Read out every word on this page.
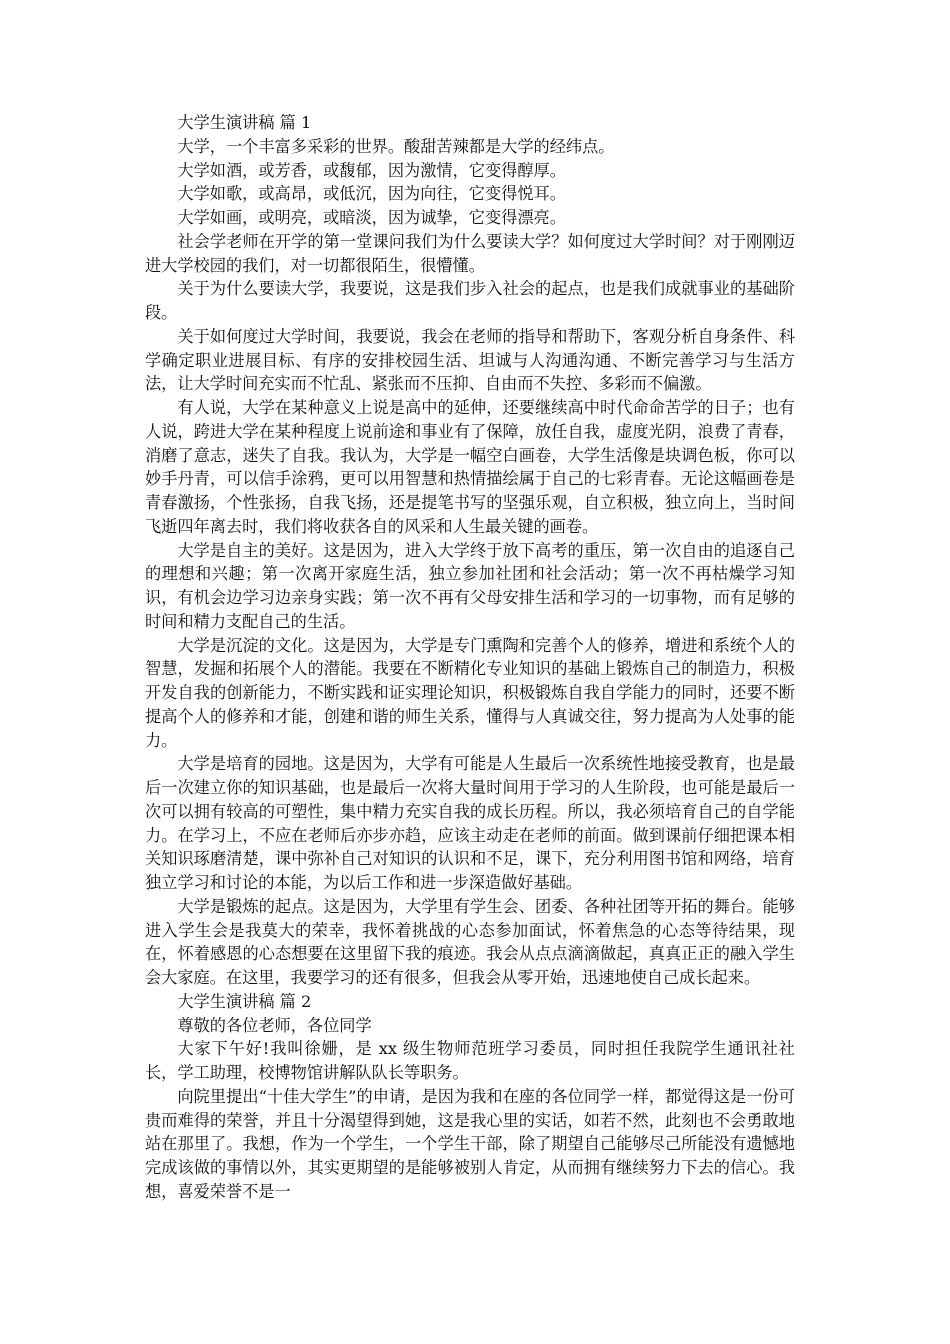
大学生演讲稿 篇 1

大学，一个丰富多采彩的世界。酸甜苦辣都是大学的经纬点。

大学如酒，或芳香，或馥郁，因为激情，它变得醇厚。

大学如歌，或高昂，或低沉，因为向往，它变得悦耳。

大学如画，或明亮，或暗淡，因为诚挚，它变得漂亮。

社会学老师在开学的第一堂课问我们为什么要读大学？如何度过大学时间？对于刚刚迈进大学校园的我们，对一切都很陌生，很懵懂。

关于为什么要读大学，我要说，这是我们步入社会的起点，也是我们成就事业的基础阶段。

关于如何度过大学时间，我要说，我会在老师的指导和帮助下，客观分析自身条件、科学确定职业进展目标、有序的安排校园生活、坦诚与人沟通沟通、不断完善学习与生活方法，让大学时间充实而不忙乱、紧张而不压抑、自由而不失控、多彩而不偏激。

有人说，大学在某种意义上说是高中的延伸，还要继续高中时代命命苦学的日子；也有人说，跨进大学在某种程度上说前途和事业有了保障，放任自我，虚度光阴，浪费了青春，消磨了意志，迷失了自我。我认为，大学是一幅空白画卷，大学生活像是块调色板，你可以妙手丹青，可以信手涂鸦，更可以用智慧和热情描绘属于自己的七彩青春。无论这幅画卷是青春激扬，个性张扬，自我飞扬，还是提笔书写的坚强乐观，自立积极，独立向上，当时间飞逝四年离去时，我们将收获各自的风采和人生最关键的画卷。

大学是自主的美好。这是因为，进入大学终于放下高考的重压，第一次自由的追逐自己的理想和兴趣；第一次离开家庭生活，独立参加社团和社会活动；第一次不再枯燥学习知识，有机会边学习边亲身实践；第一次不再有父母安排生活和学习的一切事物，而有足够的时间和精力支配自己的生活。

大学是沉淀的文化。这是因为，大学是专门熏陶和完善个人的修养，增进和系统个人的智慧，发掘和拓展个人的潜能。我要在不断精化专业知识的基础上锻炼自己的制造力，积极开发自我的创新能力，不断实践和证实理论知识，积极锻炼自我自学能力的同时，还要不断提高个人的修养和才能，创建和谐的师生关系，懂得与人真诚交往，努力提高为人处事的能力。

大学是培育的园地。这是因为，大学有可能是人生最后一次系统性地接受教育，也是最后一次建立你的知识基础，也是最后一次将大量时间用于学习的人生阶段，也可能是最后一次可以拥有较高的可塑性，集中精力充实自我的成长历程。所以，我必须培育自己的自学能力。在学习上，不应在老师后亦步亦趋，应该主动走在老师的前面。做到课前仔细把课本相关知识琢磨清楚，课中弥补自己对知识的认识和不足，课下，充分利用图书馆和网络，培育独立学习和讨论的本能，为以后工作和进一步深造做好基础。

大学是锻炼的起点。这是因为，大学里有学生会、团委、各种社团等开拓的舞台。能够进入学生会是我莫大的荣幸，我怀着挑战的心态参加面试，怀着焦急的心态等待结果，现在，怀着感恩的心态想要在这里留下我的痕迹。我会从点点滴滴做起，真真正正的融入学生会大家庭。在这里，我要学习的还有很多，但我会从零开始，迅速地使自己成长起来。

大学生演讲稿 篇 2

尊敬的各位老师，各位同学

大家下午好!我叫徐姗，是 xx 级生物师范班学习委员，同时担任我院学生通讯社社长，学工助理，校博物馆讲解队队长等职务。

向院里提出“十佳大学生”的申请，是因为我和在座的各位同学一样，都觉得这是一份可贵而难得的荣誉，并且十分渴望得到她，这是我心里的实话，如若不然，此刻也不会勇敢地站在那里了。我想，作为一个学生，一个学生干部，除了期望自己能够尽己所能没有遗憾地完成该做的事情以外，其实更期望的是能够被别人肯定，从而拥有继续努力下去的信心。我想，喜爱荣誉不是一
